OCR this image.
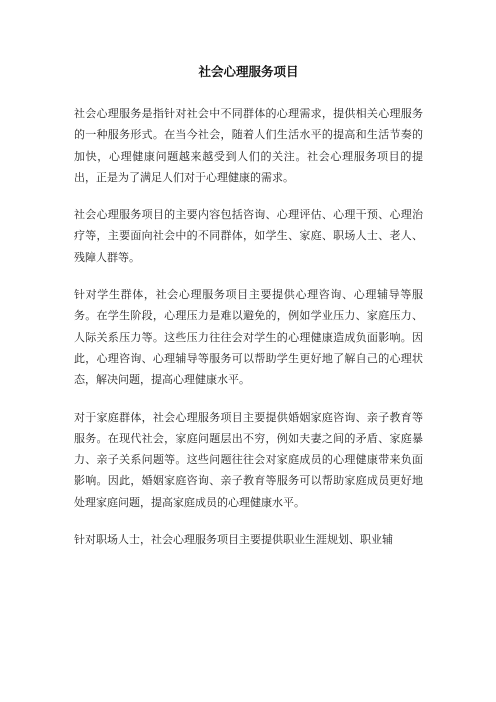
社会心理服务项目

社会心理服务是指针对社会中不同群体的心理需求，提供相关心理服务的一种服务形式。在当今社会，随着人们生活水平的提高和生活节奏的加快，心理健康问题越来越受到人们的关注。社会心理服务项目的提出，正是为了满足人们对于心理健康的需求。

社会心理服务项目的主要内容包括咨询、心理评估、心理干预、心理治疗等，主要面向社会中的不同群体，如学生、家庭、职场人士、老人、残障人群等。

针对学生群体，社会心理服务项目主要提供心理咨询、心理辅导等服务。在学生阶段，心理压力是难以避免的，例如学业压力、家庭压力、人际关系压力等。这些压力往往会对学生的心理健康造成负面影响。因此，心理咨询、心理辅导等服务可以帮助学生更好地了解自己的心理状态，解决问题，提高心理健康水平。

对于家庭群体，社会心理服务项目主要提供婚姻家庭咨询、亲子教育等服务。在现代社会，家庭问题层出不穷，例如夫妻之间的矛盾、家庭暴力、亲子关系问题等。这些问题往往会对家庭成员的心理健康带来负面影响。因此，婚姻家庭咨询、亲子教育等服务可以帮助家庭成员更好地处理家庭问题，提高家庭成员的心理健康水平。

针对职场人士，社会心理服务项目主要提供职业生涯规划、职业辅
